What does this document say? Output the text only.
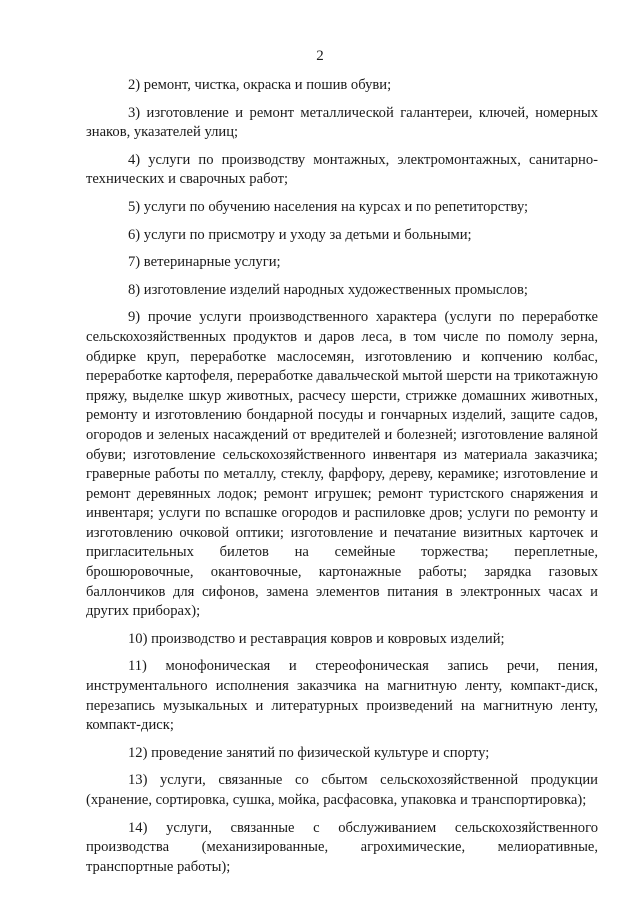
2

2) ремонт, чистка, окраска и пошив обуви;

3) изготовление и ремонт металлической галантереи, ключей, номерных знаков, указателей улиц;

4) услуги по производству монтажных, электромонтажных, санитарно-технических и сварочных работ;

5) услуги по обучению населения на курсах и по репетиторству;

6) услуги по присмотру и уходу за детьми и больными;

7) ветеринарные услуги;

8) изготовление изделий народных художественных промыслов;

9) прочие услуги производственного характера (услуги по переработке сельскохозяйственных продуктов и даров леса, в том числе по помолу зерна, обдирке круп, переработке маслосемян, изготовлению и копчению колбас, переработке картофеля, переработке давальческой мытой шерсти на трикотажную пряжу, выделке шкур животных, расчесу шерсти, стрижке домашних животных, ремонту и изготовлению бондарной посуды и гончарных изделий, защите садов, огородов и зеленых насаждений от вредителей и болезней; изготовление валяной обуви; изготовление сельскохозяйственного инвентаря из материала заказчика; граверные работы по металлу, стеклу, фарфору, дереву, керамике; изготовление и ремонт деревянных лодок; ремонт игрушек; ремонт туристского снаряжения и инвентаря; услуги по вспашке огородов и распиловке дров; услуги по ремонту и изготовлению очковой оптики; изготовление и печатание визитных карточек и пригласительных билетов на семейные торжества; переплетные, брошюровочные, окантовочные, картонажные работы; зарядка газовых баллончиков для сифонов, замена элементов питания в электронных часах и других приборах);

10) производство и реставрация ковров и ковровых изделий;

11) монофоническая и стереофоническая запись речи, пения, инструментального исполнения заказчика на магнитную ленту, компакт-диск, перезапись музыкальных и литературных произведений на магнитную ленту, компакт-диск;

12) проведение занятий по физической культуре и спорту;

13) услуги, связанные со сбытом сельскохозяйственной продукции (хранение, сортировка, сушка, мойка, расфасовка, упаковка и транспортировка);

14) услуги, связанные с обслуживанием сельскохозяйственного производства (механизированные, агрохимические, мелиоративные, транспортные работы);
